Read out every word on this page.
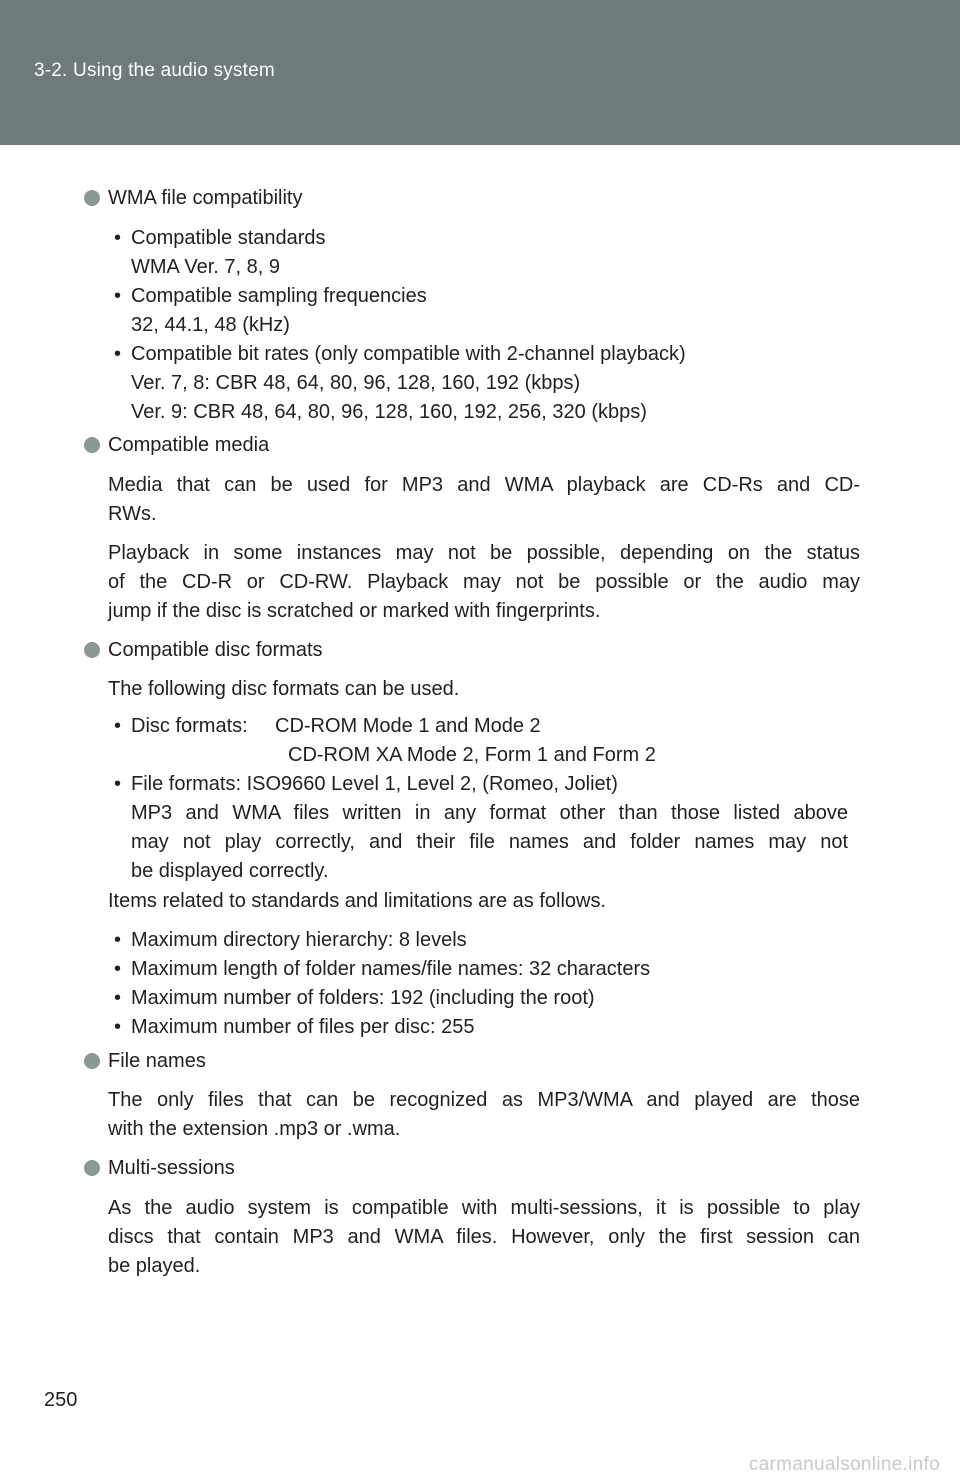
3-2. Using the audio system
WMA file compatibility
• Compatible standards
WMA Ver. 7, 8, 9
• Compatible sampling frequencies
32, 44.1, 48 (kHz)
• Compatible bit rates (only compatible with 2-channel playback)
Ver. 7, 8: CBR 48, 64, 80, 96, 128, 160, 192 (kbps)
Ver. 9: CBR 48, 64, 80, 96, 128, 160, 192, 256, 320 (kbps)
Compatible media
Media that can be used for MP3 and WMA playback are CD-Rs and CD-
RWs.
Playback in some instances may not be possible, depending on the status
of the CD-R or CD-RW. Playback may not be possible or the audio may
jump if the disc is scratched or marked with fingerprints.
Compatible disc formats
The following disc formats can be used.
• Disc formats: CD-ROM Mode 1 and Mode 2
CD-ROM XA Mode 2, Form 1 and Form 2
• File formats: ISO9660 Level 1, Level 2, (Romeo, Joliet)
MP3 and WMA files written in any format other than those listed above
may not play correctly, and their file names and folder names may not
be displayed correctly.
Items related to standards and limitations are as follows.
• Maximum directory hierarchy: 8 levels
• Maximum length of folder names/file names: 32 characters
• Maximum number of folders: 192 (including the root)
• Maximum number of files per disc: 255
File names
The only files that can be recognized as MP3/WMA and played are those
with the extension .mp3 or .wma.
Multi-sessions
As the audio system is compatible with multi-sessions, it is possible to play
discs that contain MP3 and WMA files. However, only the first session can
be played.
250
carmanualsonline.info
